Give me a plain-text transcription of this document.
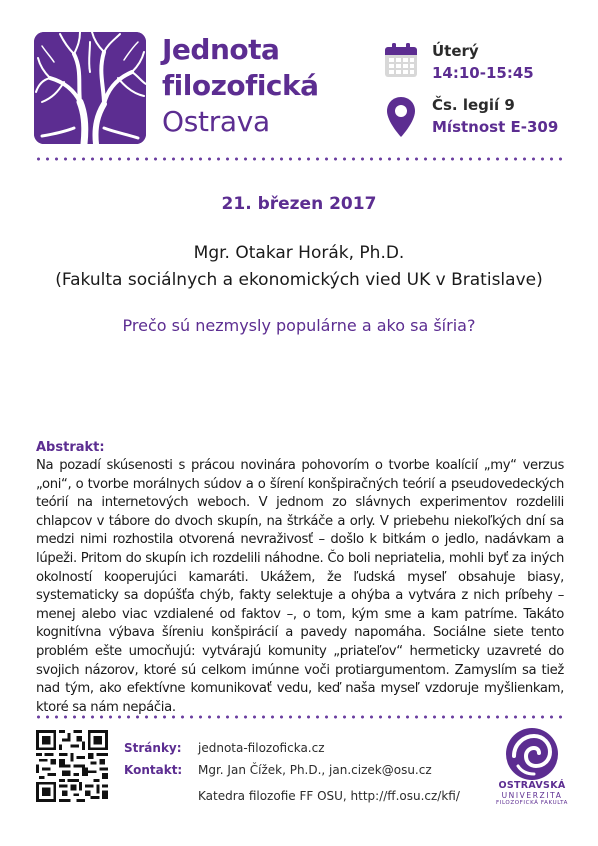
Jednota
filozofická
Ostrava
Úterý
14:10-15:45
Čs. legií 9
Místnost E-309
21. březen 2017
Mgr. Otakar Horák, Ph.D.
(Fakulta sociálnych a ekonomických vied UK v Bratislave)
Prečo sú nezmysly populárne a ako sa šíria?
Abstrakt:
Na pozadí skúsenosti s prácou novinára pohovorím o tvorbe koalícií „my“ verzus „oni“, o tvorbe morálnych súdov a o šírení konšpiračných teórií a pseudovedeckých teórií na internetových weboch. V jednom zo slávnych experimentov rozdelili chlapcov v tábore do dvoch skupín, na štrkáče a orly. V priebehu niekoľkých dní sa medzi nimi rozhostila otvorená nevraživosť – došlo k bitkám o jedlo, nadávkam a lúpeži. Pritom do skupín ich rozdelili náhodne. Čo boli nepriatelia, mohli byť za iných okolností kooperujúci kamaráti. Ukážem, že ľudská myseľ obsahuje biasy, systematicky sa dopúšťa chýb, fakty selektuje a ohýba a vytvára z nich príbehy – menej alebo viac vzdialené od faktov –, o tom, kým sme a kam patríme. Takáto kognitívna výbava šíreniu konšpirácií a pavedy napomáha. Sociálne siete tento problém ešte umocňujú: vytvárajú komunity „priateľov“ hermeticky uzavreté do svojich názorov, ktoré sú celkom imúnne voči protiargumentom. Zamyslím sa tiež nad tým, ako efektívne komunikovať vedu, keď naša myseľ vzdoruje myšlienkam, ktoré sa nám nepáčia.
Stránky:
Kontakt:
jednota-filozoficka.cz
Mgr. Jan Čížek, Ph.D., jan.cizek@osu.cz
Katedra filozofie FF OSU, http://ff.osu.cz/kfi/
OSTRAVSKÁ
UNIVERZITA
FILOZOFICKÁ FAKULTA
